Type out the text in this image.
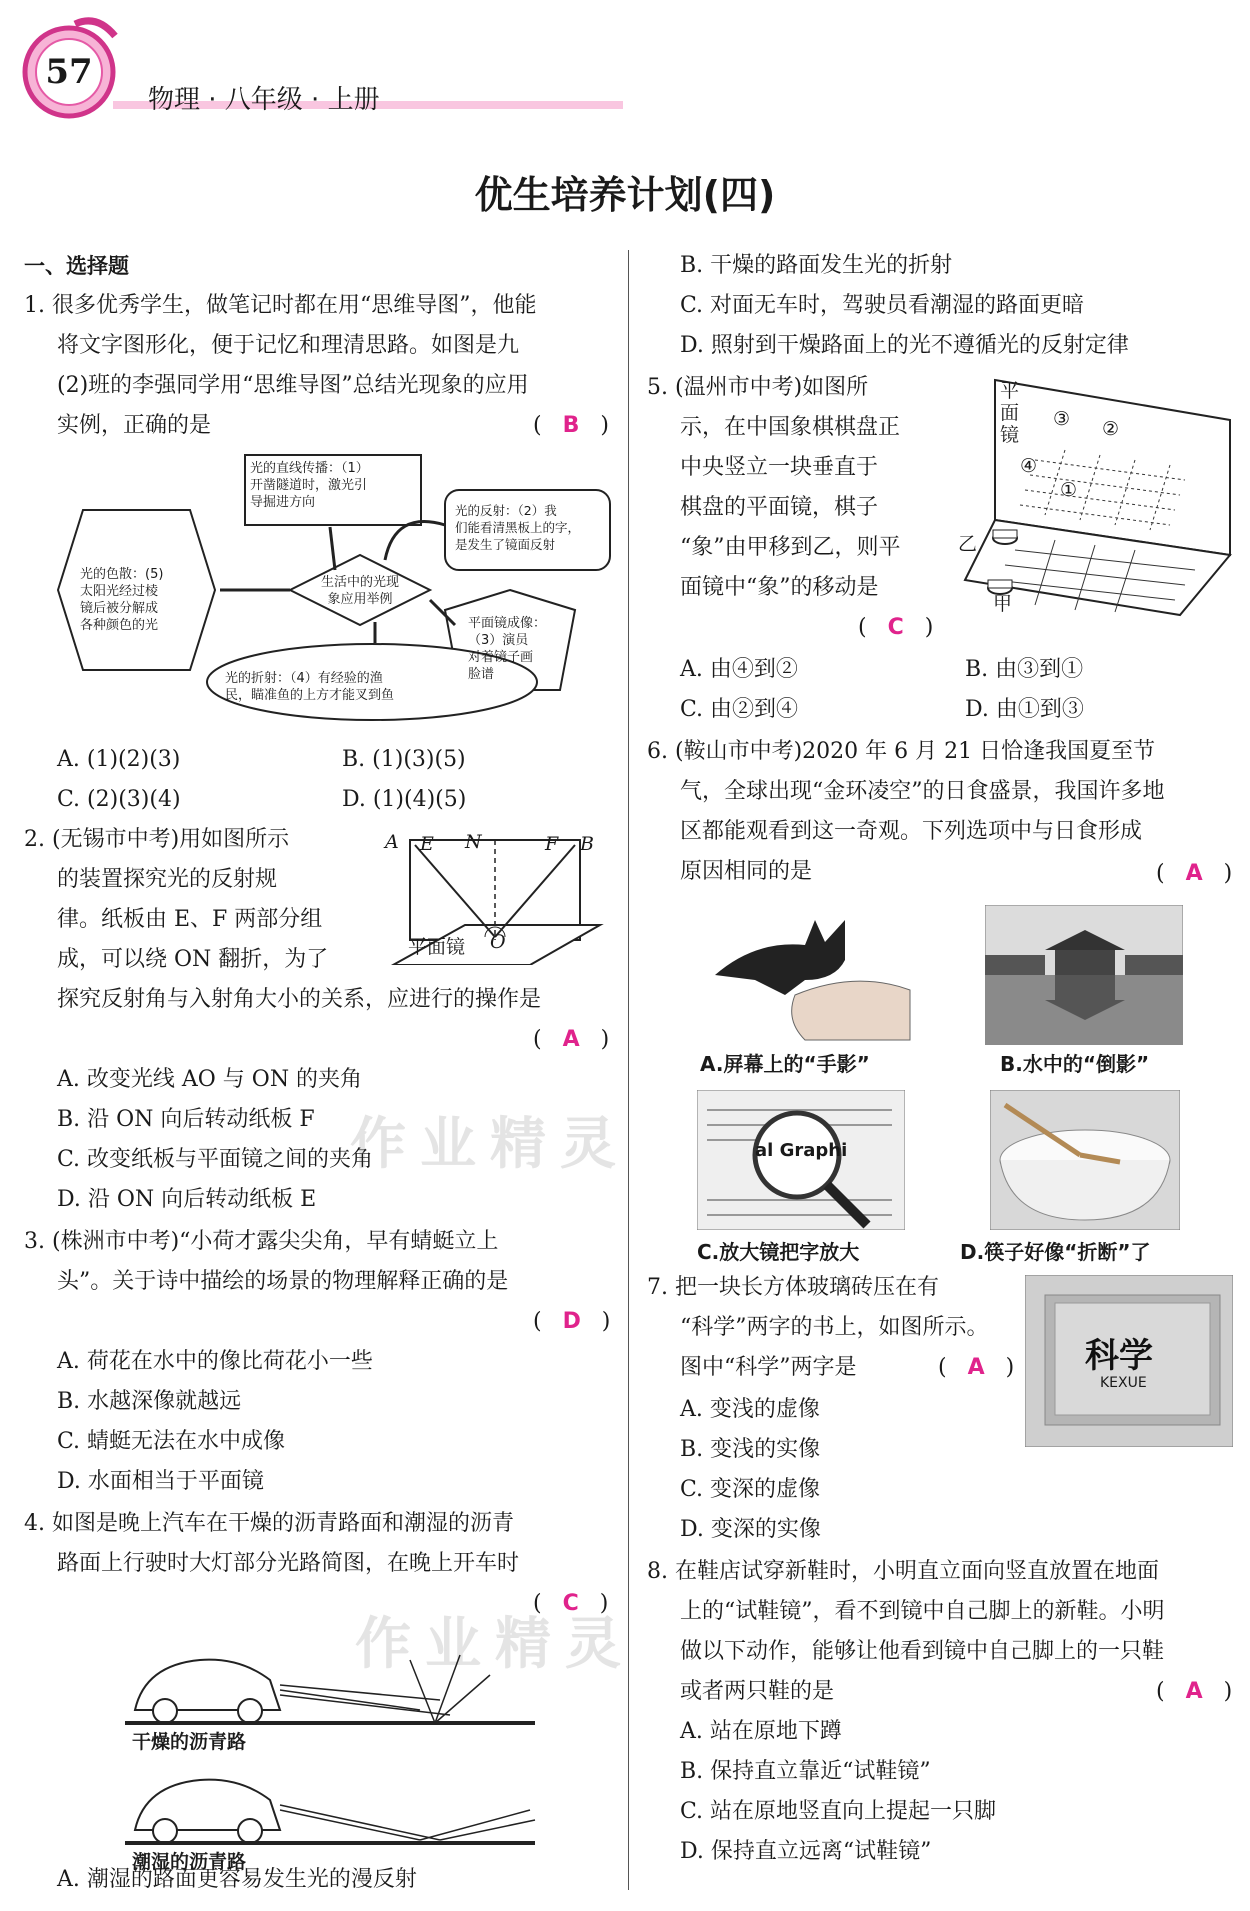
57
物理 · 八年级 · 上册
优生培养计划(四)
作业精灵
作业精灵
一、选择题
1. 很多优秀学生，做笔记时都在用“思维导图”，他能
将文字图形化，便于记忆和理清思路。如图是九
(2)班的李强同学用“思维导图”总结光现象的应用
实例，正确的是	(   B   )
光的直线传播：（1）
开凿隧道时，激光引
导掘进方向
光的反射：（2）我
们能看清黑板上的字，
是发生了镜面反射
光的色散：(5)
太阳光经过棱
镜后被分解成
各种颜色的光
生活中的光现
象应用举例
平面镜成像：
（3）演员
对着镜子画
脸谱
光的折射：（4）有经验的渔
民，瞄准鱼的上方才能叉到鱼
A. (1)(2)(3)	B. (1)(3)(5)
C. (2)(3)(4)	D. (1)(4)(5)
2. (无锡市中考)用如图所示
的装置探究光的反射规
律。纸板由 E、F 两部分组
成，可以绕 ON 翻折，为了
探究反射角与入射角大小的关系，应进行的操作是
(   A   )
A E N	F B
O
平面镜
A. 改变光线 AO 与 ON 的夹角
B. 沿 ON 向后转动纸板 F
C. 改变纸板与平面镜之间的夹角
D. 沿 ON 向后转动纸板 E
3. (株洲市中考)“小荷才露尖尖角，早有蜻蜓立上
头”。关于诗中描绘的场景的物理解释正确的是
(   D   )
A. 荷花在水中的像比荷花小一些
B. 水越深像就越远
C. 蜻蜓无法在水中成像
D. 水面相当于平面镜
4. 如图是晚上汽车在干燥的沥青路面和潮湿的沥青
路面上行驶时大灯部分光路简图，在晚上开车时
(   C   )
干燥的沥青路
潮湿的沥青路
A. 潮湿的路面更容易发生光的漫反射
B. 干燥的路面发生光的折射
C. 对面无车时，驾驶员看潮湿的路面更暗
D. 照射到干燥路面上的光不遵循光的反射定律
5. (温州市中考)如图所
示，在中国象棋棋盘正
中央竖立一块垂直于
棋盘的平面镜，棋子
“象”由甲移到乙，则平
面镜中“象”的移动是
(   C   )
平面镜
③ ②
④
①
乙
甲
A. 由④到②	B. 由③到①
C. 由②到④	D. 由①到③
6. (鞍山市中考)2020 年 6 月 21 日恰逢我国夏至节
气，全球出现“金环凌空”的日食盛景，我国许多地
区都能观看到这一奇观。下列选项中与日食形成
原因相同的是	(   A   )
A.屏幕上的“手影”	B.水中的“倒影”
al Graphi
C.放大镜把字放大	D.筷子好像“折断”了
7. 把一块长方体玻璃砖压在有
“科学”两字的书上，如图所示。
图中“科学”两字是	(   A   ) 科学
KEXUE
A. 变浅的虚像
B. 变浅的实像
C. 变深的虚像
D. 变深的实像
8. 在鞋店试穿新鞋时，小明直立面向竖直放置在地面
上的“试鞋镜”，看不到镜中自己脚上的新鞋。小明
做以下动作，能够让他看到镜中自己脚上的一只鞋
或者两只鞋的是	(   A   )
A. 站在原地下蹲
B. 保持直立靠近“试鞋镜”
C. 站在原地竖直向上提起一只脚
D. 保持直立远离“试鞋镜”
